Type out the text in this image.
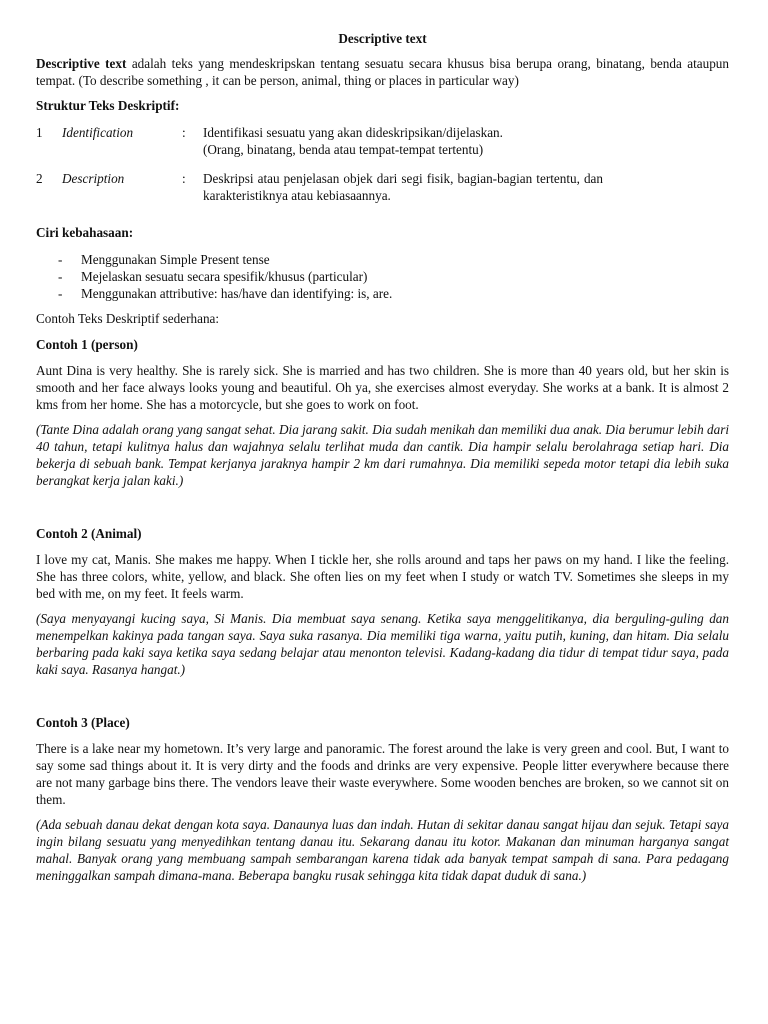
Descriptive text

Descriptive text adalah teks yang mendeskripskan tentang sesuatu secara khusus bisa berupa orang, binatang, benda ataupun tempat. (To describe something , it can be person, animal, thing or places in particular way)

Struktur Teks Deskriptif:
1	Identification	:	Identifikasi sesuatu yang akan dideskripsikan/dijelaskan.
(Orang, binatang, benda atau tempat-tempat tertentu)
2	Description	:	Deskripsi atau penjelasan objek dari segi fisik, bagian-bagian tertentu, dan karakteristiknya atau kebiasaannya.
Ciri kebahasaan:
-	Menggunakan Simple Present tense
-	Mejelaskan sesuatu secara spesifik/khusus (particular)
-	Menggunakan attributive: has/have dan identifying: is, are.

Contoh Teks Deskriptif sederhana:

Contoh 1 (person)

Aunt Dina is very healthy. She is rarely sick. She is married and has two children. She is more than 40 years old, but her skin is smooth and her face always looks young and beautiful. Oh ya, she exercises almost everyday. She works at a bank. It is almost 2 kms from her home. She has a motorcycle, but she goes to work on foot.

(Tante Dina adalah orang yang sangat sehat. Dia jarang sakit. Dia sudah menikah dan memiliki dua anak. Dia berumur lebih dari 40 tahun, tetapi kulitnya halus dan wajahnya selalu terlihat muda dan cantik. Dia hampir selalu berolahraga setiap hari. Dia bekerja di sebuah bank. Tempat kerjanya jaraknya hampir 2 km dari rumahnya. Dia memiliki sepeda motor tetapi dia lebih suka berangkat kerja jalan kaki.)

Contoh 2 (Animal)

I love my cat, Manis. She makes me happy. When I tickle her, she rolls around and taps her paws on my hand. I like the feeling. She has three colors, white, yellow, and black. She often lies on my feet when I study or watch TV. Sometimes she sleeps in my bed with me, on my feet. It feels warm.

(Saya menyayangi kucing saya, Si Manis. Dia membuat saya senang. Ketika saya menggelitikanya, dia berguling-guling dan menempelkan kakinya pada tangan saya. Saya suka rasanya. Dia memiliki tiga warna, yaitu putih, kuning, dan hitam. Dia selalu berbaring pada kaki saya ketika saya sedang belajar atau menonton televisi. Kadang-kadang dia tidur di tempat tidur saya, pada kaki saya. Rasanya hangat.)

Contoh 3 (Place)

There is a lake near my hometown. It’s very large and panoramic. The forest around the lake is very green and cool. But, I want to say some sad things about it. It is very dirty and the foods and drinks are very expensive. People litter everywhere because there are not many garbage bins there. The vendors leave their waste everywhere. Some wooden benches are broken, so we cannot sit on them.

(Ada sebuah danau dekat dengan kota saya. Danaunya luas dan indah. Hutan di sekitar danau sangat hijau dan sejuk. Tetapi saya ingin bilang sesuatu yang menyedihkan tentang danau itu. Sekarang danau itu kotor. Makanan dan minuman harganya sangat mahal. Banyak orang yang membuang sampah sembarangan karena tidak ada banyak tempat sampah di sana. Para pedagang meninggalkan sampah dimana-mana. Beberapa bangku rusak sehingga kita tidak dapat duduk di sana.)
